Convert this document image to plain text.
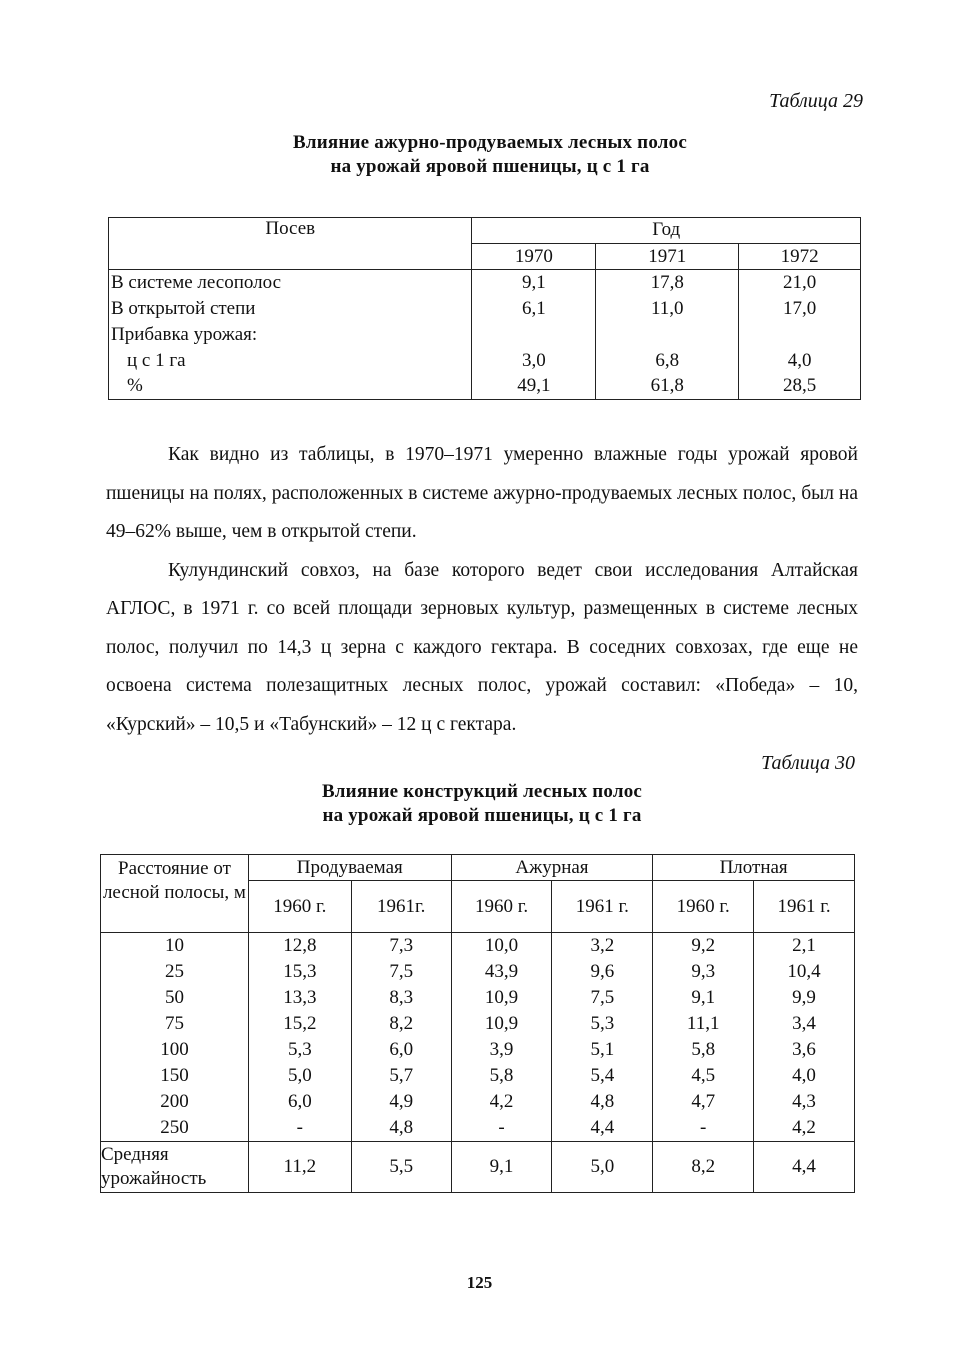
Таблица 29
Влияние ажурно-продуваемых лесных полос
на урожай яровой пшеницы, ц с 1 га
Посев	Год		
	1970	1971	1972
В системе лесополос	9,1	17,8	21,0
В открытой степи	6,1	11,0	17,0
Прибавка урожая:			
ц с 1 га	3,0	6,8	4,0
%	49,1	61,8	28,5

Как видно из таблицы, в 1970–1971 умеренно влажные годы урожай яровой пшеницы на полях, расположенных в системе ажурно-продуваемых лесных полос, был на 49–62% выше, чем в открытой степи.

Кулундинский совхоз, на базе которого ведет свои исследования Алтайская АГЛОС, в 1971 г. со всей площади зерновых культур, размещенных в системе лесных полос, получил по 14,3 ц зерна с каждого гектара. В соседних совхозах, где еще не освоена система полезащитных лесных полос, урожай составил: «Победа» – 10, «Курский» – 10,5 и «Табунский» – 12 ц с гектара.

Таблица 30
Влияние конструкций лесных полос
на урожай яровой пшеницы, ц с 1 га
Расстояние от лесной полосы, м	Продуваемая		Ажурная		Плотная	
	1960 г.	1961г.	1960 г.	1961 г.	1960 г.	1961 г.
10	12,8	7,3	10,0	3,2	9,2	2,1
25	15,3	7,5	43,9	9,6	9,3	10,4
50	13,3	8,3	10,9	7,5	9,1	9,9
75	15,2	8,2	10,9	5,3	11,1	3,4
100	5,3	6,0	3,9	5,1	5,8	3,6
150	5,0	5,7	5,8	5,4	4,5	4,0
200	6,0	4,9	4,2	4,8	4,7	4,3
250	-	4,8	-	4,4	-	4,2

Средняя
урожайность	11,2	5,5	9,1	5,0	8,2	4,4
125
